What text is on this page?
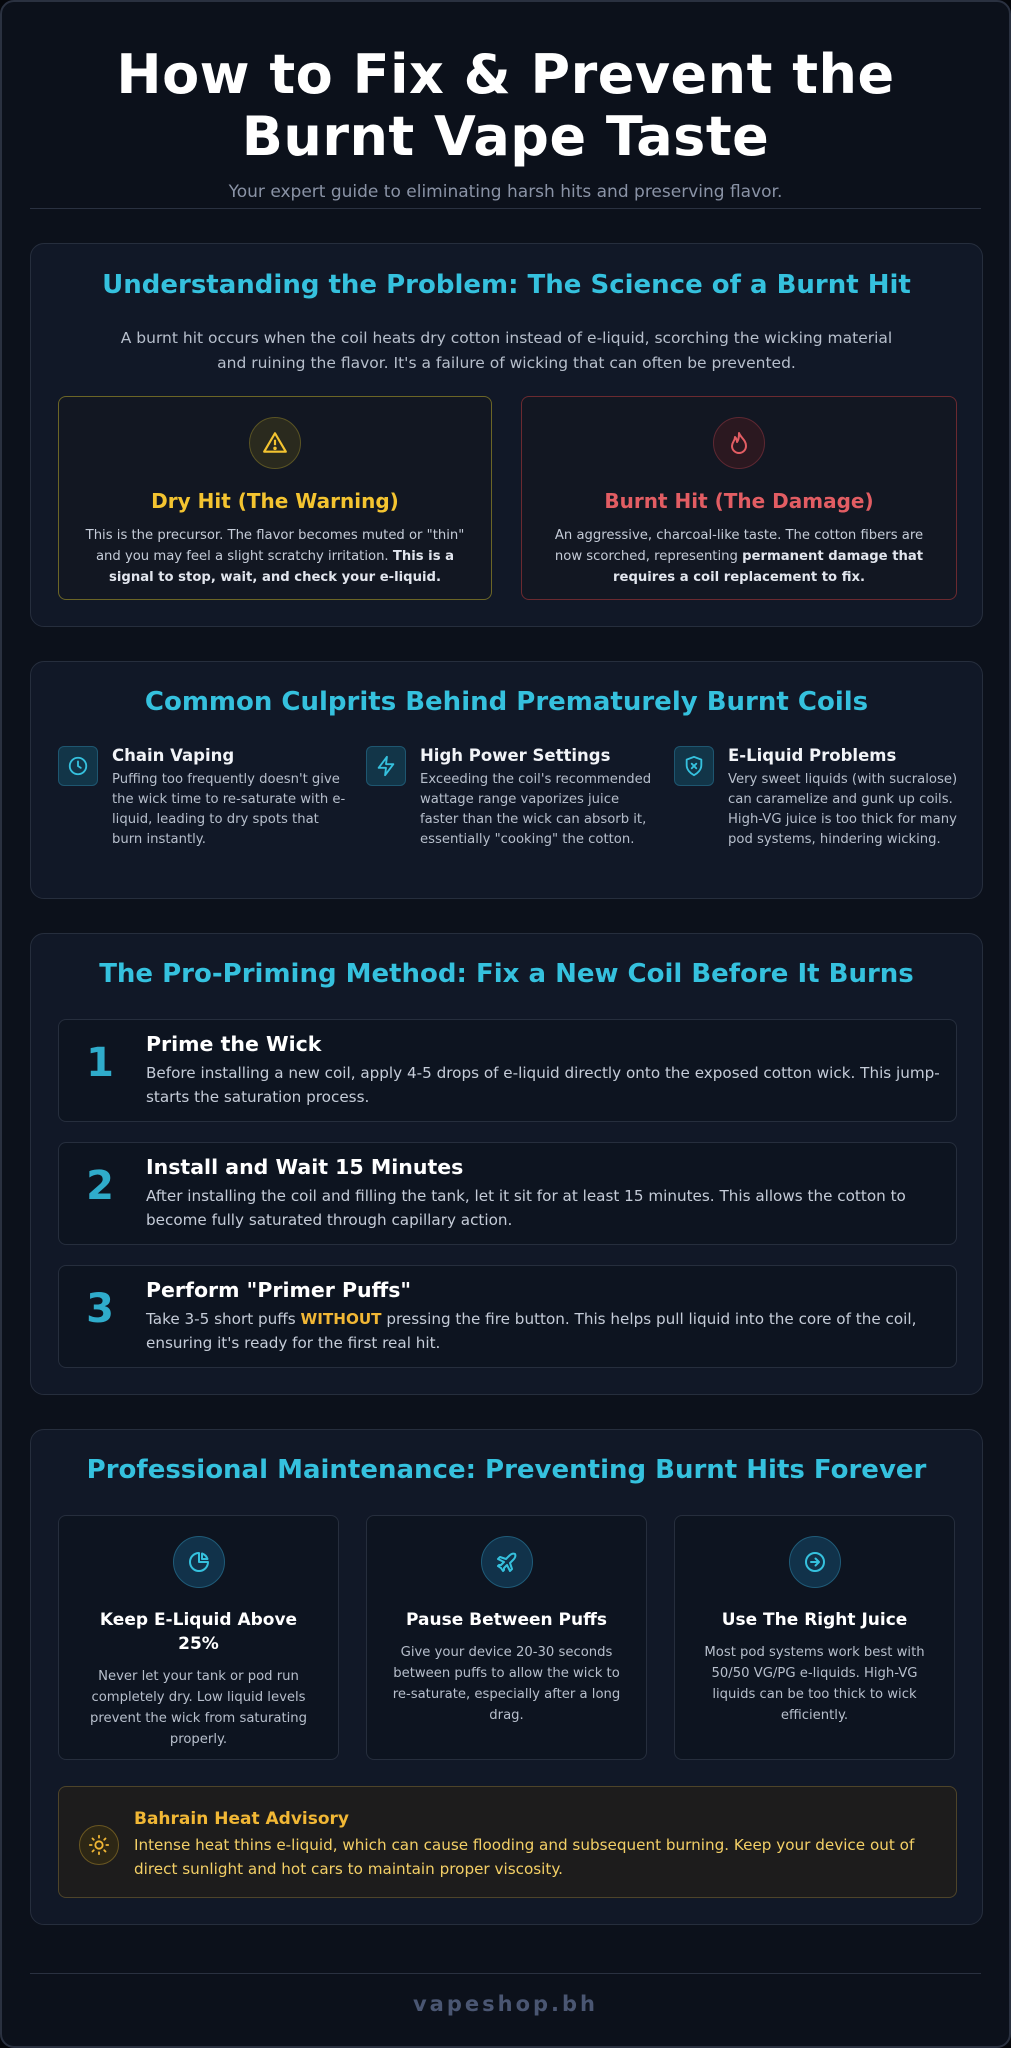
How to Fix & Prevent the Burnt Vape Taste

Your expert guide to eliminating harsh hits and preserving flavor.

Understanding the Problem: The Science of a Burnt Hit

A burnt hit occurs when the coil heats dry cotton instead of e-liquid, scorching the wicking material and ruining the flavor. It's a failure of wicking that can often be prevented.

Dry Hit (The Warning)

This is the precursor. The flavor becomes muted or "thin" and you may feel a slight scratchy irritation. This is a signal to stop, wait, and check your e-liquid.

Burnt Hit (The Damage)

An aggressive, charcoal-like taste. The cotton fibers are now scorched, representing permanent damage that requires a coil replacement to fix.

Common Culprits Behind Prematurely Burnt Coils
Chain Vaping
Puffing too frequently doesn't give the wick time to re-saturate with e-liquid, leading to dry spots that burn instantly.
High Power Settings
Exceeding the coil's recommended wattage range vaporizes juice faster than the wick can absorb it, essentially "cooking" the cotton.
E-Liquid Problems
Very sweet liquids (with sucralose) can caramelize and gunk up coils. High-VG juice is too thick for many pod systems, hindering wicking.
The Pro-Priming Method: Fix a New Coil Before It Burns
1	Prime the Wick
Before installing a new coil, apply 4-5 drops of e-liquid directly onto the exposed cotton wick. This jump-starts the saturation process.
2	Install and Wait 15 Minutes
After installing the coil and filling the tank, let it sit for at least 15 minutes. This allows the cotton to become fully saturated through capillary action.
3	Perform "Primer Puffs"
Take 3-5 short puffs WITHOUT pressing the fire button. This helps pull liquid into the core of the coil, ensuring it's ready for the first real hit.
Professional Maintenance: Preventing Burnt Hits Forever
Keep E-Liquid Above 25%
Never let your tank or pod run completely dry. Low liquid levels prevent the wick from saturating properly.
Pause Between Puffs
Give your device 20-30 seconds between puffs to allow the wick to re-saturate, especially after a long drag.
Use The Right Juice
Most pod systems work best with 50/50 VG/PG e-liquids. High-VG liquids can be too thick to wick efficiently.
Bahrain Heat Advisory
Intense heat thins e-liquid, which can cause flooding and subsequent burning. Keep your device out of direct sunlight and hot cars to maintain proper viscosity.
vapeshop.bh
